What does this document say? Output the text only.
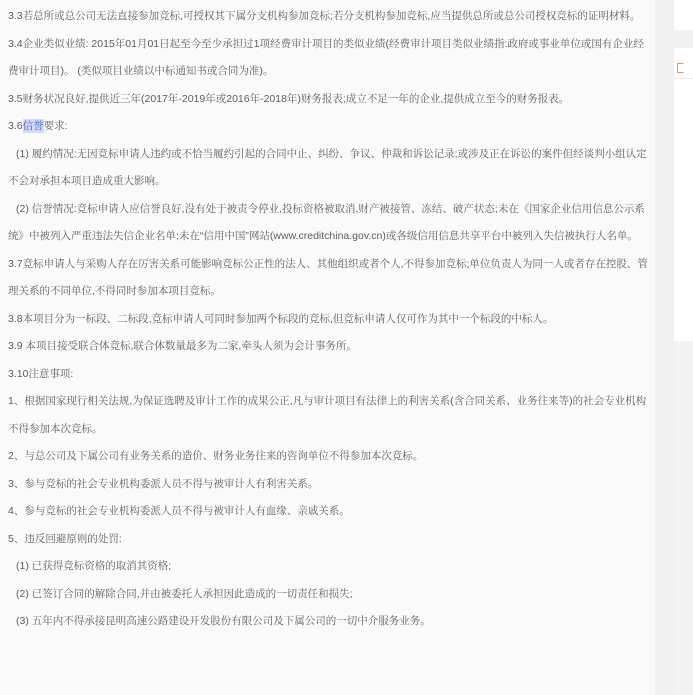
3.3若总所或总公司无法直接参加竞标,可授权其下属分支机构参加竞标;若分支机构参加竞标,应当提供总所或总公司授权竞标的证明材料。
3.4企业类似业绩: 2015年01月01日起至今至少承担过1项经费审计项目的类似业绩(经费审计项目类似业绩指:政府或事业单位或国有企业经费审计项目)。 (类似项目业绩以中标通知书或合同为准)。
3.5财务状况良好,提供近三年(2017年-2019年或2016年-2018年)财务报表;成立不足一年的企业,提供成立至今的财务报表。
3.6信誉要求:
(1) 履约情况:无因竞标申请人违约或不恰当履约引起的合同中止、纠纷、争议、仲裁和诉讼记录;或涉及正在诉讼的案件但经谈判小组认定不会对承担本项目造成重大影响。
(2) 信誉情况:竞标申请人应信誉良好,没有处于被责令停业,投标资格被取消,财产被接管、冻结、破产状态;未在《国家企业信用信息公示系统》中被列入严重违法失信企业名单;未在“信用中国”网站(www.creditchina.gov.cn)或各级信用信息共享平台中被列入失信被执行人名单。
3.7竞标申请人与采购人存在厉害关系可能影响竞标公正性的法人、其他组织或者个人,不得参加竞标;单位负责人为同一人或者存在控股、管理关系的不同单位,不得同时参加本项目竞标。
3.8本项目分为一标段、二标段,竞标申请人可同时参加两个标段的竞标,但竞标申请人仅可作为其中一个标段的中标人。
3.9 本项目接受联合体竞标,联合体数量最多为二家,牵头人须为会计事务所。
3.10注意事项:
1、根据国家现行相关法规,为保证选聘及审计工作的成果公正,凡与审计项目有法律上的利害关系(含合同关系、业务往来等)的社会专业机构不得参加本次竞标。
2、与总公司及下属公司有业务关系的造价、财务业务往来的咨询单位不得参加本次竞标。
3、参与竞标的社会专业机构委派人员不得与被审计人有利害关系。
4、参与竞标的社会专业机构委派人员不得与被审计人有血缘、亲戚关系。
5、违反回避原则的处罚:
(1) 已获得竞标资格的取消其资格;
(2) 已签订合同的解除合同,并由被委托人承担因此造成的一切责任和损失;
(3) 五年内不得承接昆明高速公路建设开发股份有限公司及下属公司的一切中介服务业务。
